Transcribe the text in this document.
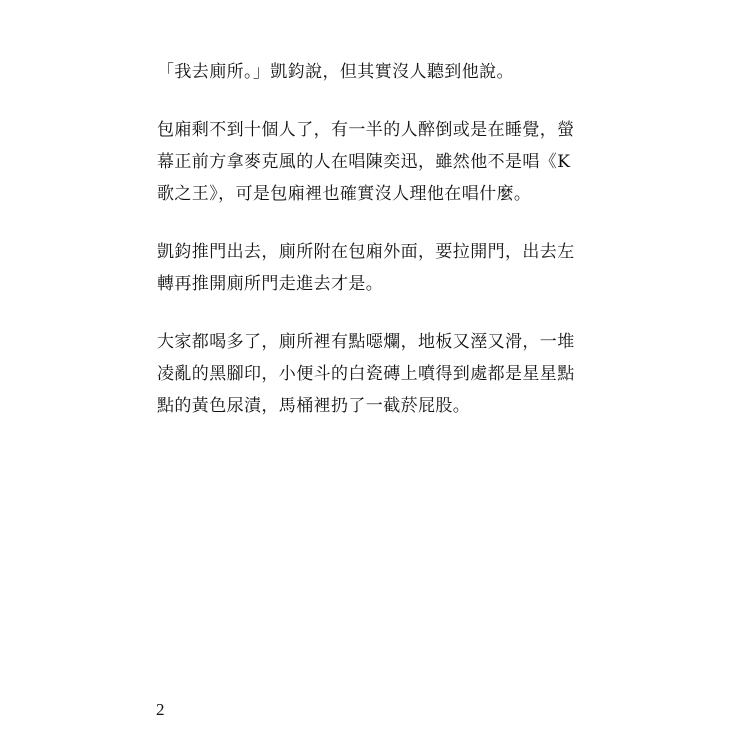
「我去廁所。」凱鈞說，但其實沒人聽到他說。

包廂剩不到十個人了，有一半的人醉倒或是在睡覺，螢幕正前方拿麥克風的人在唱陳奕迅，雖然他不是唱《K歌之王》，可是包廂裡也確實沒人理他在唱什麼。

凱鈞推門出去，廁所附在包廂外面，要拉開門，出去左轉再推開廁所門走進去才是。

大家都喝多了，廁所裡有點噁爛，地板又溼又滑，一堆凌亂的黑腳印，小便斗的白瓷磚上噴得到處都是星星點點的黃色尿漬，馬桶裡扔了一截菸屁股。

2
